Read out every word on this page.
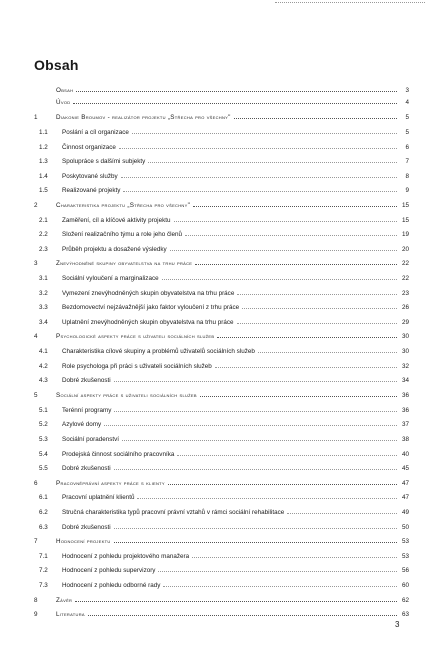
Obsah
Obsah	3
Úvod	4
1	Diakonie Broumov - realizátor projektu „Střecha pro všechny"	5
1.1	Poslání a cíl organizace	5
1.2	Činnost organizace	6
1.3	Spolupráce s dalšími subjekty	7
1.4	Poskytované služby	8
1.5	Realizované projekty	9
2	Charakteristika projektu „Střecha pro všechny"	15
2.1	Zaměření, cíl a klíčové aktivity projektu	15
2.2	Složení realizačního týmu a role jeho členů	19
2.3	Průběh projektu a dosažené výsledky	20
3	Znevýhodněné skupiny obyvatelstva na trhu práce	22
3.1	Sociální vyloučení a marginalizace	22
3.2	Vymezení znevýhodněných skupin obyvatelstva na trhu práce	23
3.3	Bezdomovectví nejzávažnější jako faktor vyloučení z trhu práce	26
3.4	Uplatnění znevýhodněných skupin obyvatelstva na trhu práce	29
4	Psychologické aspekty práce s uživateli sociálních služeb	30
4.1	Charakteristika cílové skupiny a problémů uživatelů sociálních služeb	30
4.2	Role psychologa při práci s uživateli sociálních služeb	32
4.3	Dobré zkušenosti	34
5	Sociální aspekty práce s uživateli sociálních služeb	36
5.1	Terénní programy	36
5.2	Azylové domy	37
5.3	Sociální poradenství	38
5.4	Prodejská činnost sociálního pracovníka	40
5.5	Dobré zkušenosti	45
6	Pracovněprávní aspekty práce s klienty	47
6.1	Pracovní uplatnění klientů	47
6.2	Stručná charakteristika typů pracovní právní vztahů v rámci sociální rehabilitace	49
6.3	Dobré zkušenosti	50
7	Hodnocení projektu	53
7.1	Hodnocení z pohledu projektového manažera	53
7.2	Hodnocení z pohledu supervizory	56
7.3	Hodnocení z pohledu odborné rady	60
8	Závěr	62
9	Literatura	63
3
